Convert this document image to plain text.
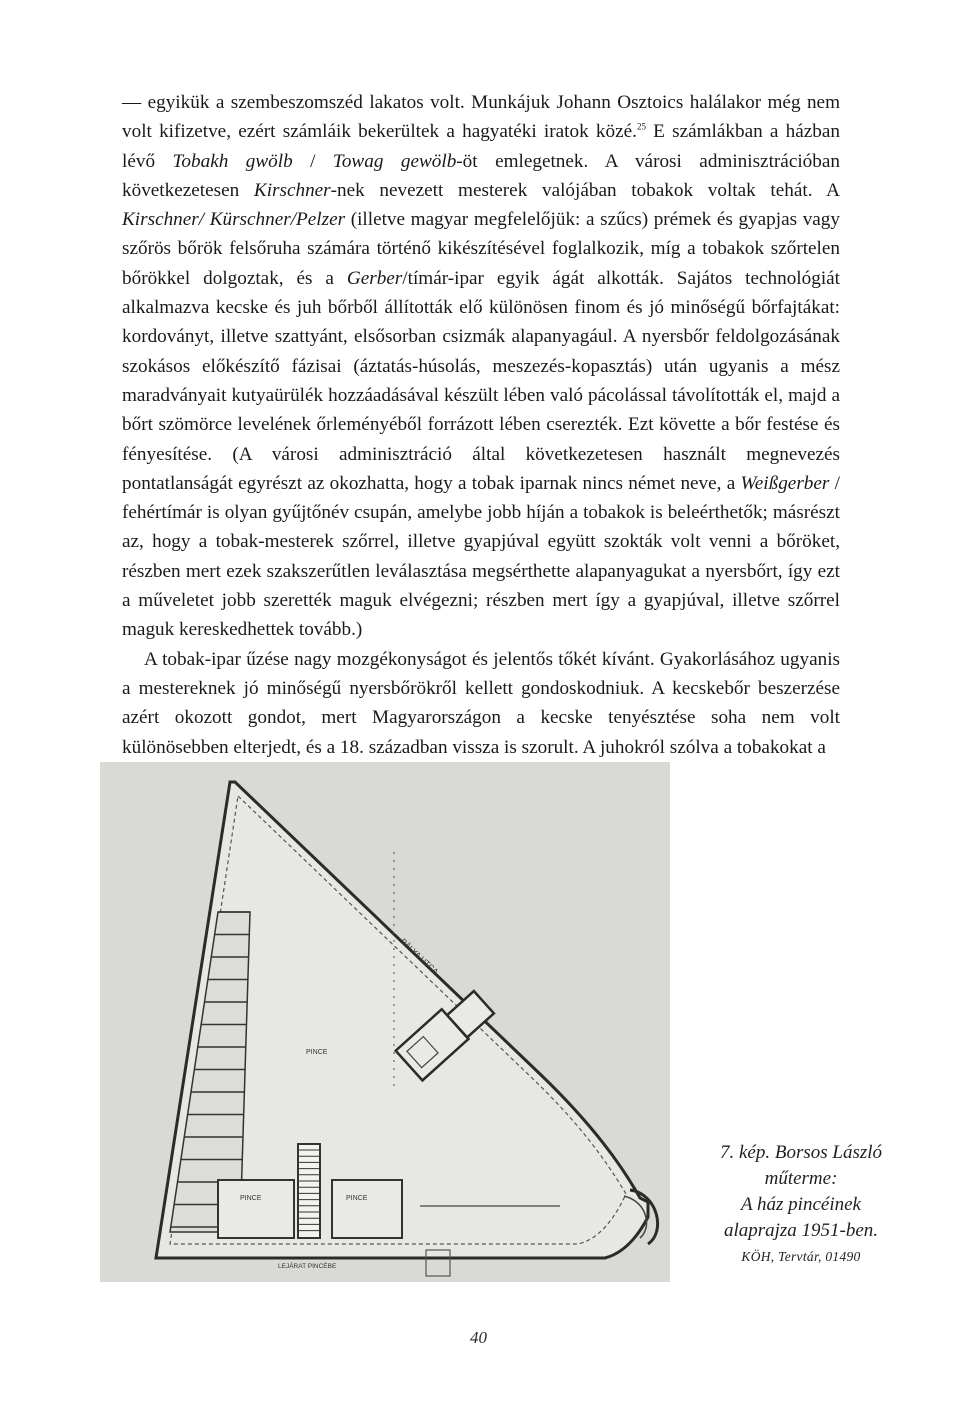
— egyikük a szembeszomszéd lakatos volt. Munkájuk Johann Osztoics halálakor még nem volt kifizetve, ezért számláik bekerültek a hagyatéki iratok közé.$^{25}$ E számlákban a házban lévő Tobakh gwölb / Towag gewölb-öt emlegetnek. A városi adminisztrációban következetesen Kirschner-nek nevezett mesterek valójában tobakok voltak tehát. A Kirschner/ Kürschner/Pelzer (illetve magyar megfelelőjük: a szűcs) prémek és gyapjas vagy szőrös bőrök felsőruha számára történő kikészítésével foglalkozik, míg a tobakok szőrtelen bőrökkel dolgoztak, és a Gerber/tímár-ipar egyik ágát alkották. Sajátos technológiát alkalmazva kecske és juh bőrből állították elő különösen finom és jó minőségű bőrfajtákat: kordoványt, illetve szattyánt, elsősorban csizmák alapanyagául. A nyersbőr feldolgozásának szokásos előkészítő fázisai (áztatás-húsolás, meszezés-kopasztás) után ugyanis a mész maradványait kutyaürülék hozzáadásával készült lében való pácolással távolították el, majd a bőrt szömörce levelének őrleményéből forrázott lében cserezték. Ezt követte a bőr festése és fényesítése. (A városi adminisztráció által következetesen használt megnevezés pontatlanságát egyrészt az okozhatta, hogy a tobak iparnak nincs német neve, a Weißgerber / fehértímár is olyan gyűjtőnév csupán, amelybe jobb híján a tobakok is beleérthetők; másrészt az, hogy a tobak-mesterek szőrrel, illetve gyapjúval együtt szokták volt venni a bőröket, részben mert ezek szakszerűtlen leválasztása megsérthette alapanyagukat a nyersbőrt, így ezt a műveletet jobb szerették maguk elvégezni; részben mert így a gyapjúval, illetve szőrrel maguk kereskedhettek tovább.)

A tobak-ipar űzése nagy mozgékonyságot és jelentős tőkét kívánt. Gyakorlásához ugyanis a mestereknek jó minőségű nyersbőrökről kellett gondoskodniuk. A kecskebőr beszerzése azért okozott gondot, mert Magyarországon a kecske tenyésztése soha nem volt különösebben elterjedt, és a 18. században vissza is szorult. A juhokról szólva a tobakokat a

PÁLYA UTCA
PINCE
PINCE	PINCE
LEJÁRAT PINCÉBE
7. kép. Borsos László
műterme:
A ház pincéinek
alaprajza 1951-ben.
KÖH, Tervtár, 01490
40
